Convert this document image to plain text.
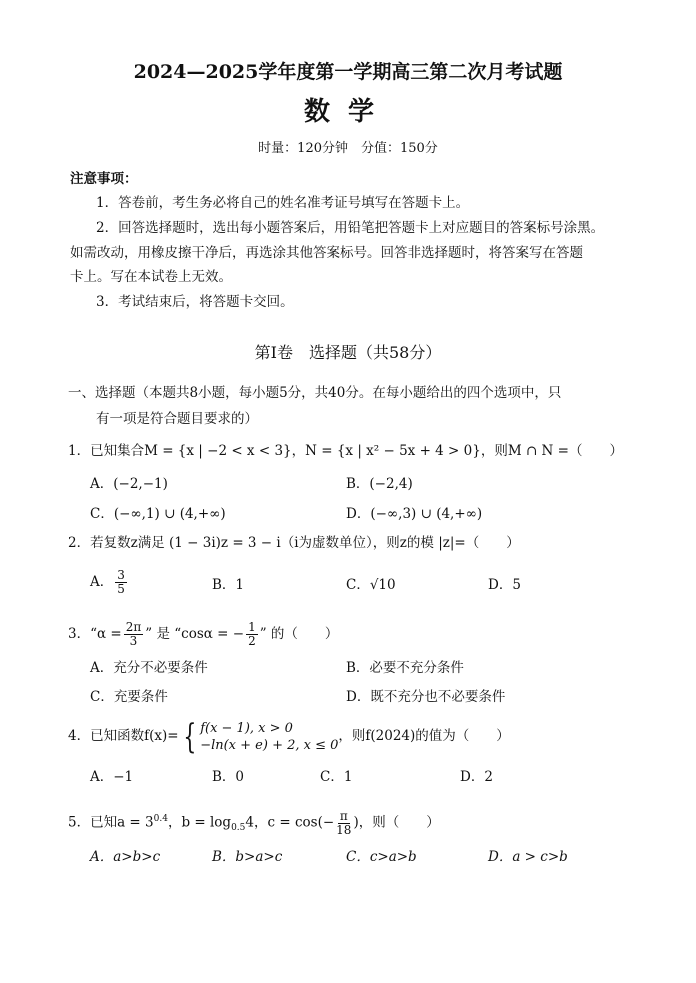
2024—2025学年度第一学期高三第二次月考试题
数学
时量：120分钟　分值：150分
注意事项：
1．答卷前，考生务必将自己的姓名准考证号填写在答题卡上。
2．回答选择题时，选出每小题答案后，用铅笔把答题卡上对应题目的答案标号涂黑。
如需改动，用橡皮擦干净后，再选涂其他答案标号。回答非选择题时，将答案写在答题
卡上。写在本试卷上无效。
3．考试结束后，将答题卡交回。
第Ⅰ卷　选择题（共58分）
一、选择题（本题共8小题，每小题5分，共40分。在每小题给出的四个选项中，只
有一项是符合题目要求的）
1．已知集合M = {x | −2 < x < 3}，N = {x | x² − 5x + 4 > 0}，则M ∩ N =（　　）
A．(−2,−1)	B．(−2,4)
C．(−∞,1) ∪ (4,+∞)	D．(−∞,3) ∪ (4,+∞)
2．若复数z满足 (1 − 3i)z = 3 − i（i为虚数单位），则z的模 |z|=（　　）
A． $\frac{3}{5}$	B．1	C．√10	D．5
3．“$\alpha = \frac{2\pi}{3}$ ” 是 “cosα = − $\frac{1}{2}$ ” 的（　　）
A．充分不必要条件	B．必要不充分条件
C．充要条件	D．既不充分也不必要条件
4．已知函数f(x)= { f(x − 1), x > 0
−ln(x + e) + 2, x ≤ 0
，则f(2024)的值为（　　）
A．−1	B．0	C．1	D．2
5．已知$a = 3^{0.4}$，$b = \log_{0.5}4$，$c = \cos(- \frac{\pi}{18}$ )，则（　　）
A．a>b>c	B．b>a>c	C．c>a>b	D．a > c>b
